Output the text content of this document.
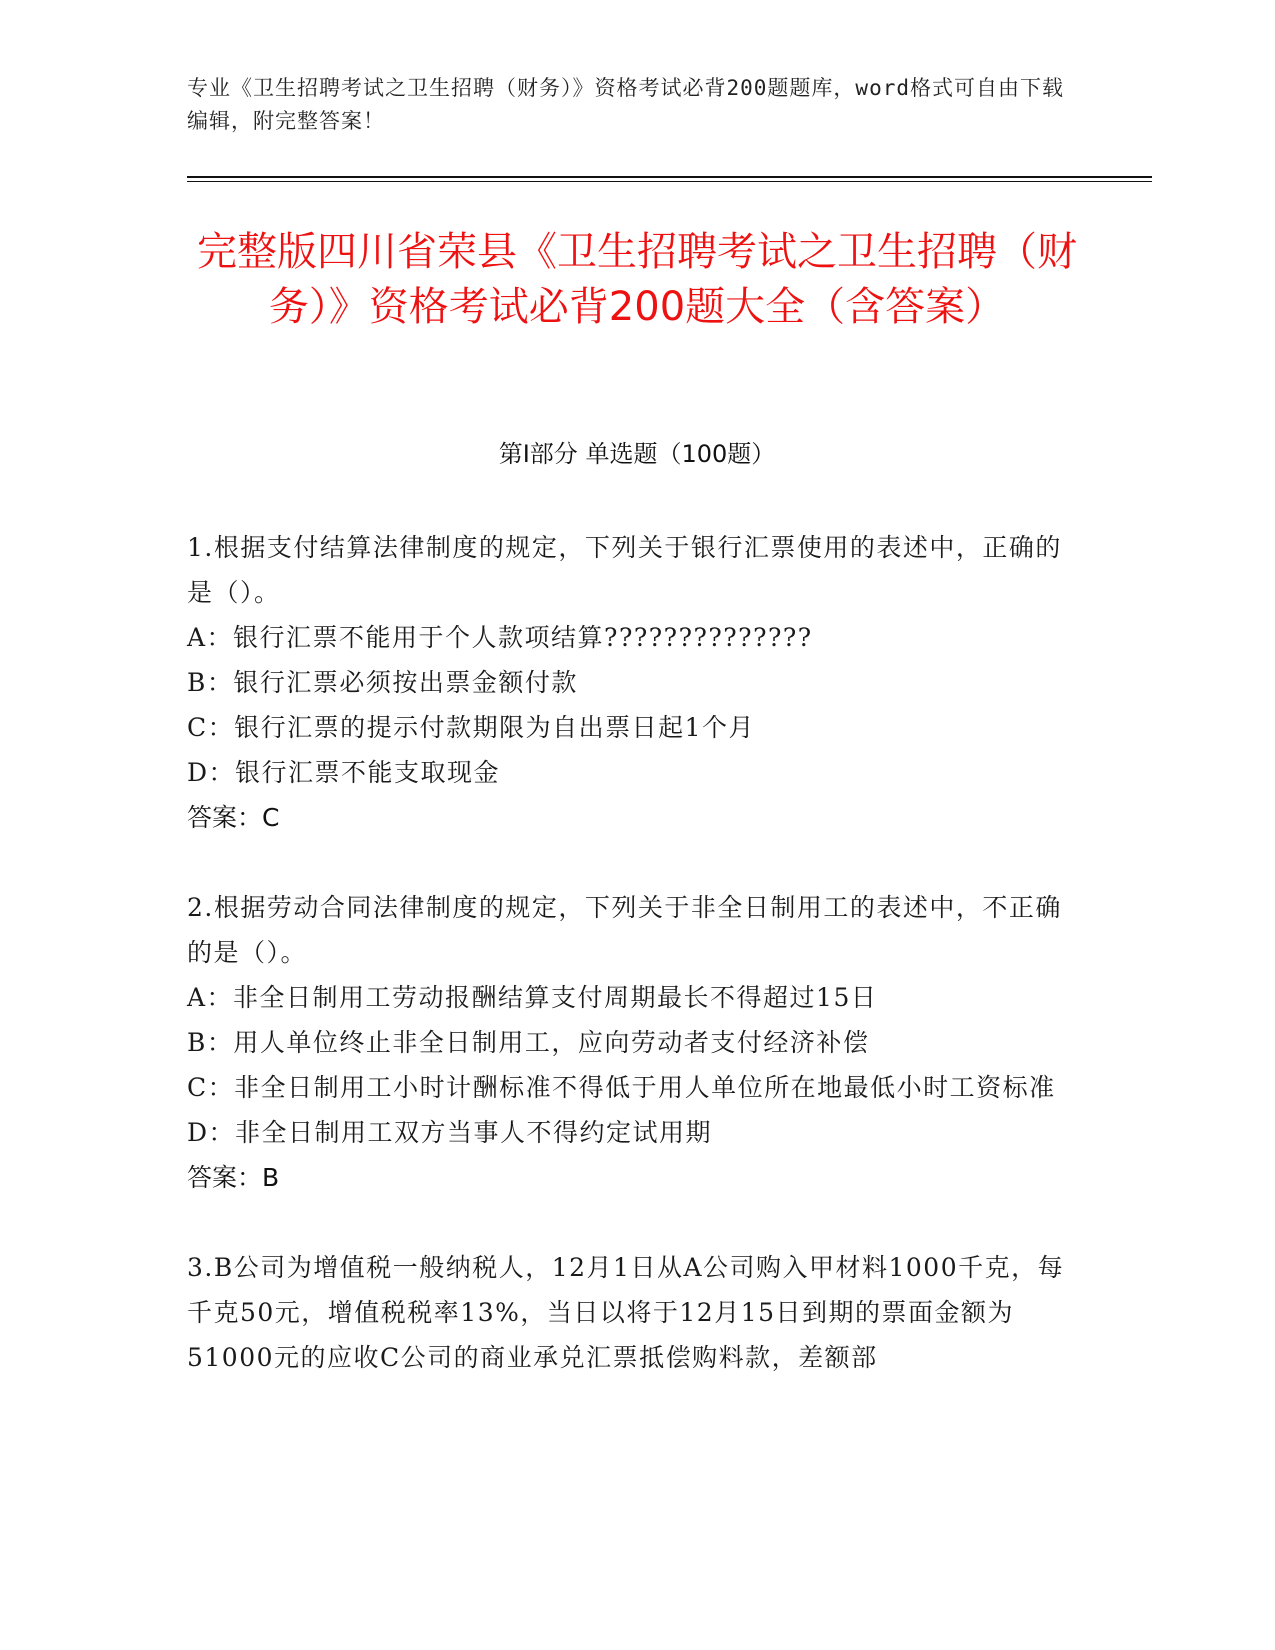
专业《卫生招聘考试之卫生招聘（财务）》资格考试必背200题题库，word格式可自由下载编辑，附完整答案！
完整版四川省荣县《卫生招聘考试之卫生招聘（财务）》资格考试必背200题大全（含答案）
第Ⅰ部分 单选题（100题）
1.根据支付结算法律制度的规定，下列关于银行汇票使用的表述中，正确的是（）。
A：银行汇票不能用于个人款项结算??????????????
B：银行汇票必须按出票金额付款
C：银行汇票的提示付款期限为自出票日起1个月
D：银行汇票不能支取现金
答案：C
2.根据劳动合同法律制度的规定，下列关于非全日制用工的表述中，不正确的是（）。
A：非全日制用工劳动报酬结算支付周期最长不得超过15日
B：用人单位终止非全日制用工，应向劳动者支付经济补偿
C：非全日制用工小时计酬标准不得低于用人单位所在地最低小时工资标准
D：非全日制用工双方当事人不得约定试用期
答案：B
3.B公司为增值税一般纳税人，12月1日从A公司购入甲材料1000千克，每千克50元，增值税税率13%，当日以将于12月15日到期的票面金额为51000元的应收C公司的商业承兑汇票抵偿购料款，差额部
